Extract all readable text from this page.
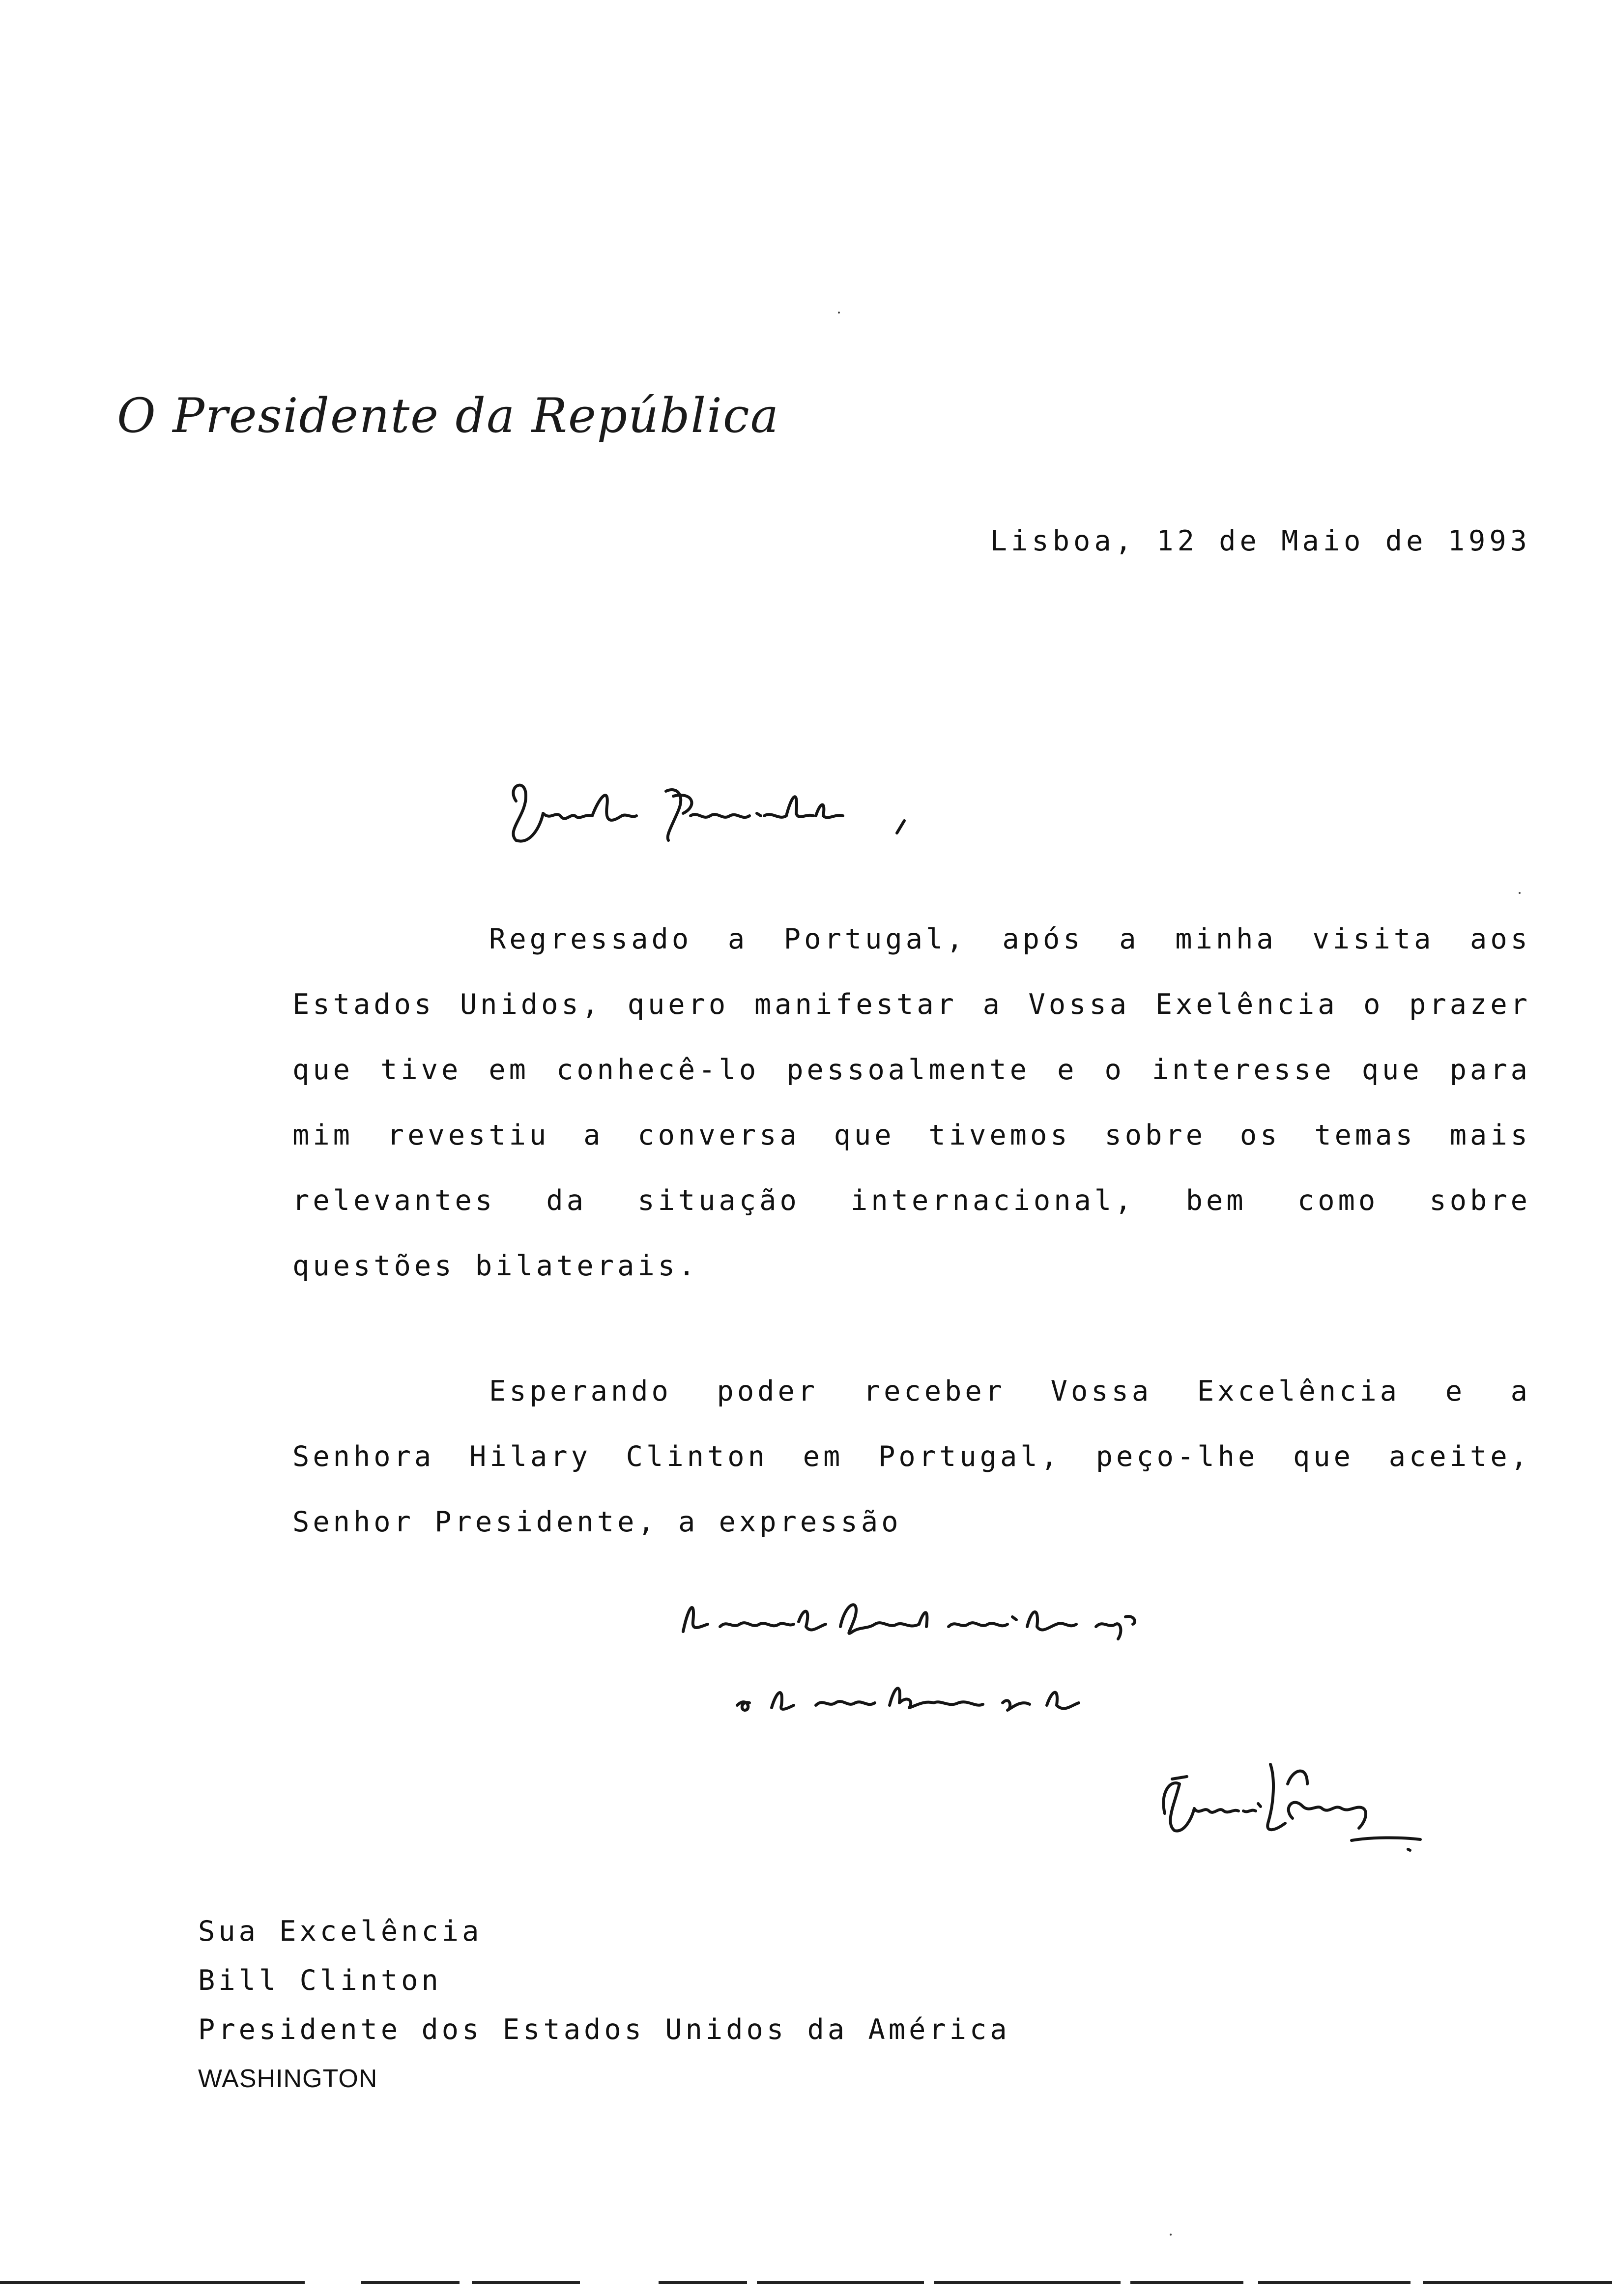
O Presidente da República
Lisboa, 12 de Maio de 1993

Regressado a Portugal, após a minha visita aos Estados Unidos, quero manifestar a Vossa Exelência o prazer que tive em conhecê-lo pessoalmente e o interesse que para mim revestiu a conversa que tivemos sobre os temas mais relevantes da situação internacional, bem como sobre questões bilaterais.

Esperando poder receber Vossa Excelência e a Senhora Hilary Clinton em Portugal, peço-lhe que aceite, Senhor Presidente, a expressão

Sua Excelência
Bill Clinton
Presidente dos Estados Unidos da América
WASHINGTON
